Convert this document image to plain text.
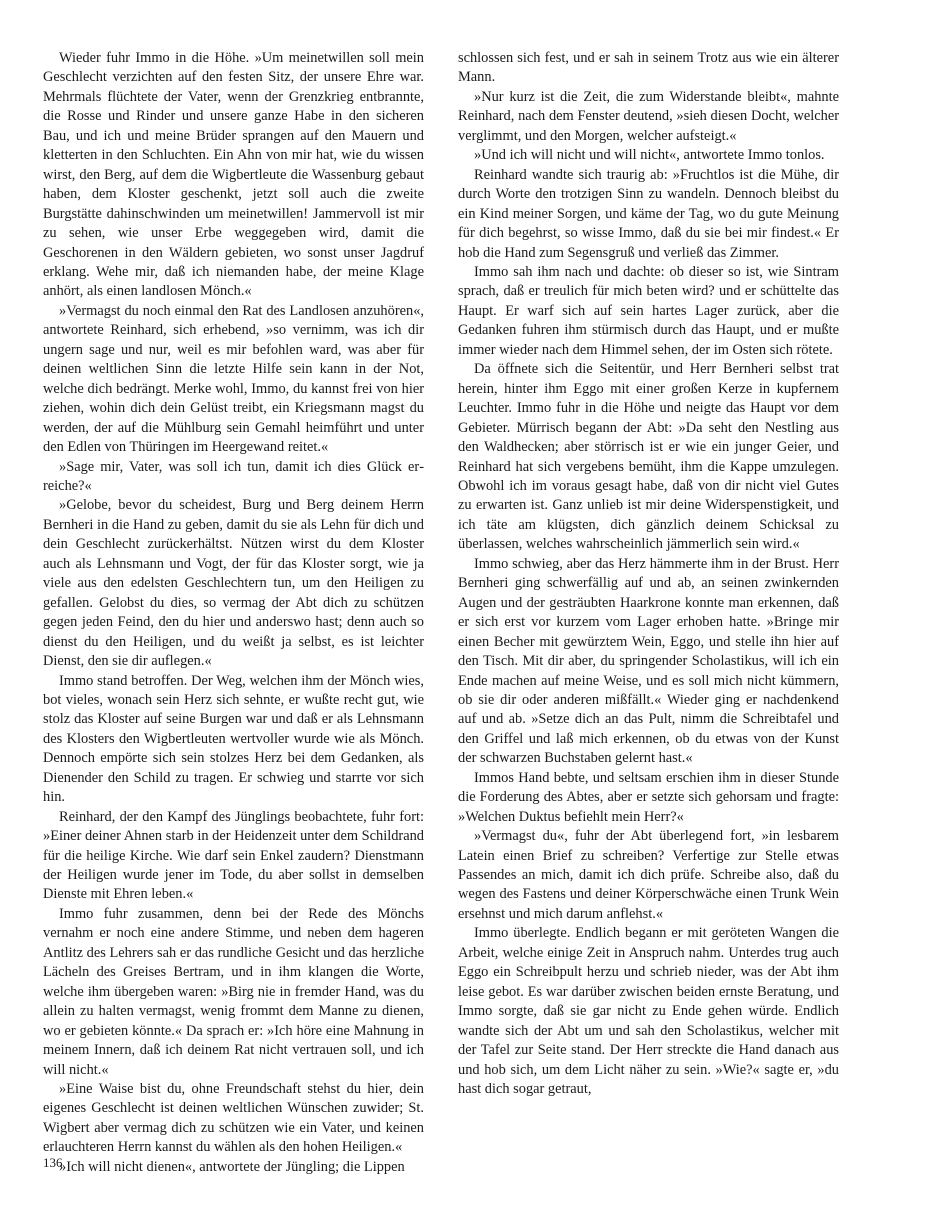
Wieder fuhr Immo in die Höhe. »Um meinetwillen soll mein Geschlecht verzichten auf den festen Sitz, der unsere Ehre war. Mehrmals flüchtete der Vater, wenn der Grenzkrieg entbrannte, die Rosse und Rinder und unsere ganze Habe in den sicheren Bau, und ich und meine Brüder sprangen auf den Mauern und kletterten in den Schluchten. Ein Ahn von mir hat, wie du wissen wirst, den Berg, auf dem die Wigbertleute die Wassenburg gebaut haben, dem Kloster geschenkt, jetzt soll auch die zweite Burgstätte dahinschwinden um meinetwillen! Jammervoll ist mir zu sehen, wie unser Erbe weggegeben wird, damit die Geschorenen in den Wäldern gebieten, wo sonst unser Jagdruf erklang. Wehe mir, daß ich niemanden habe, der meine Klage anhört, als einen landlosen Mönch.«

»Vermagst du noch einmal den Rat des Landlosen anzuhören«, antwortete Reinhard, sich erhebend, »so vernimm, was ich dir ungern sage und nur, weil es mir befohlen ward, was aber für deinen weltlichen Sinn die letzte Hilfe sein kann in der Not, welche dich bedrängt. Merke wohl, Immo, du kannst frei von hier ziehen, wohin dich dein Gelüst treibt, ein Kriegsmann magst du werden, der auf die Mühlburg sein Gemahl heimführt und unter den Edlen von Thüringen im Heergewand reitet.«

»Sage mir, Vater, was soll ich tun, damit ich dies Glück erreiche?«

»Gelobe, bevor du scheidest, Burg und Berg deinem Herrn Bernheri in die Hand zu geben, damit du sie als Lehn für dich und dein Geschlecht zurückerhältst. Nützen wirst du dem Kloster auch als Lehnsmann und Vogt, der für das Kloster sorgt, wie ja viele aus den edelsten Geschlechtern tun, um den Heiligen zu gefallen. Gelobst du dies, so vermag der Abt dich zu schützen gegen jeden Feind, den du hier und anderswo hast; denn auch so dienst du den Heiligen, und du weißt ja selbst, es ist leichter Dienst, den sie dir auflegen.«

Immo stand betroffen. Der Weg, welchen ihm der Mönch wies, bot vieles, wonach sein Herz sich sehnte, er wußte recht gut, wie stolz das Kloster auf seine Burgen war und daß er als Lehnsmann des Klosters den Wigbertleuten wertvoller wurde wie als Mönch. Dennoch empörte sich sein stolzes Herz bei dem Gedanken, als Dienender den Schild zu tragen. Er schwieg und starrte vor sich hin.

Reinhard, der den Kampf des Jünglings beobachtete, fuhr fort: »Einer deiner Ahnen starb in der Heidenzeit unter dem Schildrand für die heilige Kirche. Wie darf sein Enkel zaudern? Dienstmann der Heiligen wurde jener im Tode, du aber sollst in demselben Dienste mit Ehren leben.«

Immo fuhr zusammen, denn bei der Rede des Mönchs vernahm er noch eine andere Stimme, und neben dem hageren Antlitz des Lehrers sah er das rundliche Gesicht und das herzliche Lächeln des Greises Bertram, und in ihm klangen die Worte, welche ihm übergeben waren: »Birg nie in fremder Hand, was du allein zu halten vermagst, wenig frommt dem Manne zu dienen, wo er gebieten könnte.« Da sprach er: »Ich höre eine Mahnung in meinem Innern, daß ich deinem Rat nicht vertrauen soll, und ich will nicht.«

»Eine Waise bist du, ohne Freundschaft stehst du hier, dein eigenes Geschlecht ist deinen weltlichen Wünschen zuwider; St. Wigbert aber vermag dich zu schützen wie ein Vater, und keinen erlauchteren Herrn kannst du wählen als den hohen Heiligen.«

»Ich will nicht dienen«, antwortete der Jüngling; die Lippen

schlossen sich fest, und er sah in seinem Trotz aus wie ein älterer Mann.

»Nur kurz ist die Zeit, die zum Widerstande bleibt«, mahnte Reinhard, nach dem Fenster deutend, »sieh diesen Docht, welcher verglimmt, und den Morgen, welcher aufsteigt.«

»Und ich will nicht und will nicht«, antwortete Immo tonlos.

Reinhard wandte sich traurig ab: »Fruchtlos ist die Mühe, dir durch Worte den trotzigen Sinn zu wandeln. Dennoch bleibst du ein Kind meiner Sorgen, und käme der Tag, wo du gute Meinung für dich begehrst, so wisse Immo, daß du sie bei mir findest.« Er hob die Hand zum Segensgruß und verließ das Zimmer.

Immo sah ihm nach und dachte: ob dieser so ist, wie Sintram sprach, daß er treulich für mich beten wird? und er schüttelte das Haupt. Er warf sich auf sein hartes Lager zurück, aber die Gedanken fuhren ihm stürmisch durch das Haupt, und er mußte immer wieder nach dem Himmel sehen, der im Osten sich rötete.

Da öffnete sich die Seitentür, und Herr Bernheri selbst trat herein, hinter ihm Eggo mit einer großen Kerze in kupfernem Leuchter. Immo fuhr in die Höhe und neigte das Haupt vor dem Gebieter. Mürrisch begann der Abt: »Da seht den Nestling aus den Waldhecken; aber störrisch ist er wie ein junger Geier, und Reinhard hat sich vergebens bemüht, ihm die Kappe umzulegen. Obwohl ich im voraus gesagt habe, daß von dir nicht viel Gutes zu erwarten ist. Ganz unlieb ist mir deine Widerspenstigkeit, und ich täte am klügsten, dich gänzlich deinem Schicksal zu überlassen, welches wahrscheinlich jämmerlich sein wird.«

Immo schwieg, aber das Herz hämmerte ihm in der Brust. Herr Bernheri ging schwerfällig auf und ab, an seinen zwinkernden Augen und der gesträubten Haarkrone konnte man erkennen, daß er sich erst vor kurzem vom Lager erhoben hatte. »Bringe mir einen Becher mit gewürztem Wein, Eggo, und stelle ihn hier auf den Tisch. Mit dir aber, du springender Scholastikus, will ich ein Ende machen auf meine Weise, und es soll mich nicht kümmern, ob sie dir oder anderen mißfällt.« Wieder ging er nachdenkend auf und ab. »Setze dich an das Pult, nimm die Schreibtafel und den Griffel und laß mich erkennen, ob du etwas von der Kunst der schwarzen Buchstaben gelernt hast.«

Immos Hand bebte, und seltsam erschien ihm in dieser Stunde die Forderung des Abtes, aber er setzte sich gehorsam und fragte: »Welchen Duktus befiehlt mein Herr?«

»Vermagst du«, fuhr der Abt überlegend fort, »in lesbarem Latein einen Brief zu schreiben? Verfertige zur Stelle etwas Passendes an mich, damit ich dich prüfe. Schreibe also, daß du wegen des Fastens und deiner Körperschwäche einen Trunk Wein ersehnst und mich darum anflehst.«

Immo überlegte. Endlich begann er mit geröteten Wangen die Arbeit, welche einige Zeit in Anspruch nahm. Unterdes trug auch Eggo ein Schreibpult herzu und schrieb nieder, was der Abt ihm leise gebot. Es war darüber zwischen beiden ernste Beratung, und Immo sorgte, daß sie gar nicht zu Ende gehen würde. Endlich wandte sich der Abt um und sah den Scholastikus, welcher mit der Tafel zur Seite stand. Der Herr streckte die Hand danach aus und hob sich, um dem Licht näher zu sein. »Wie?« sagte er, »du hast dich sogar getraut,

136
